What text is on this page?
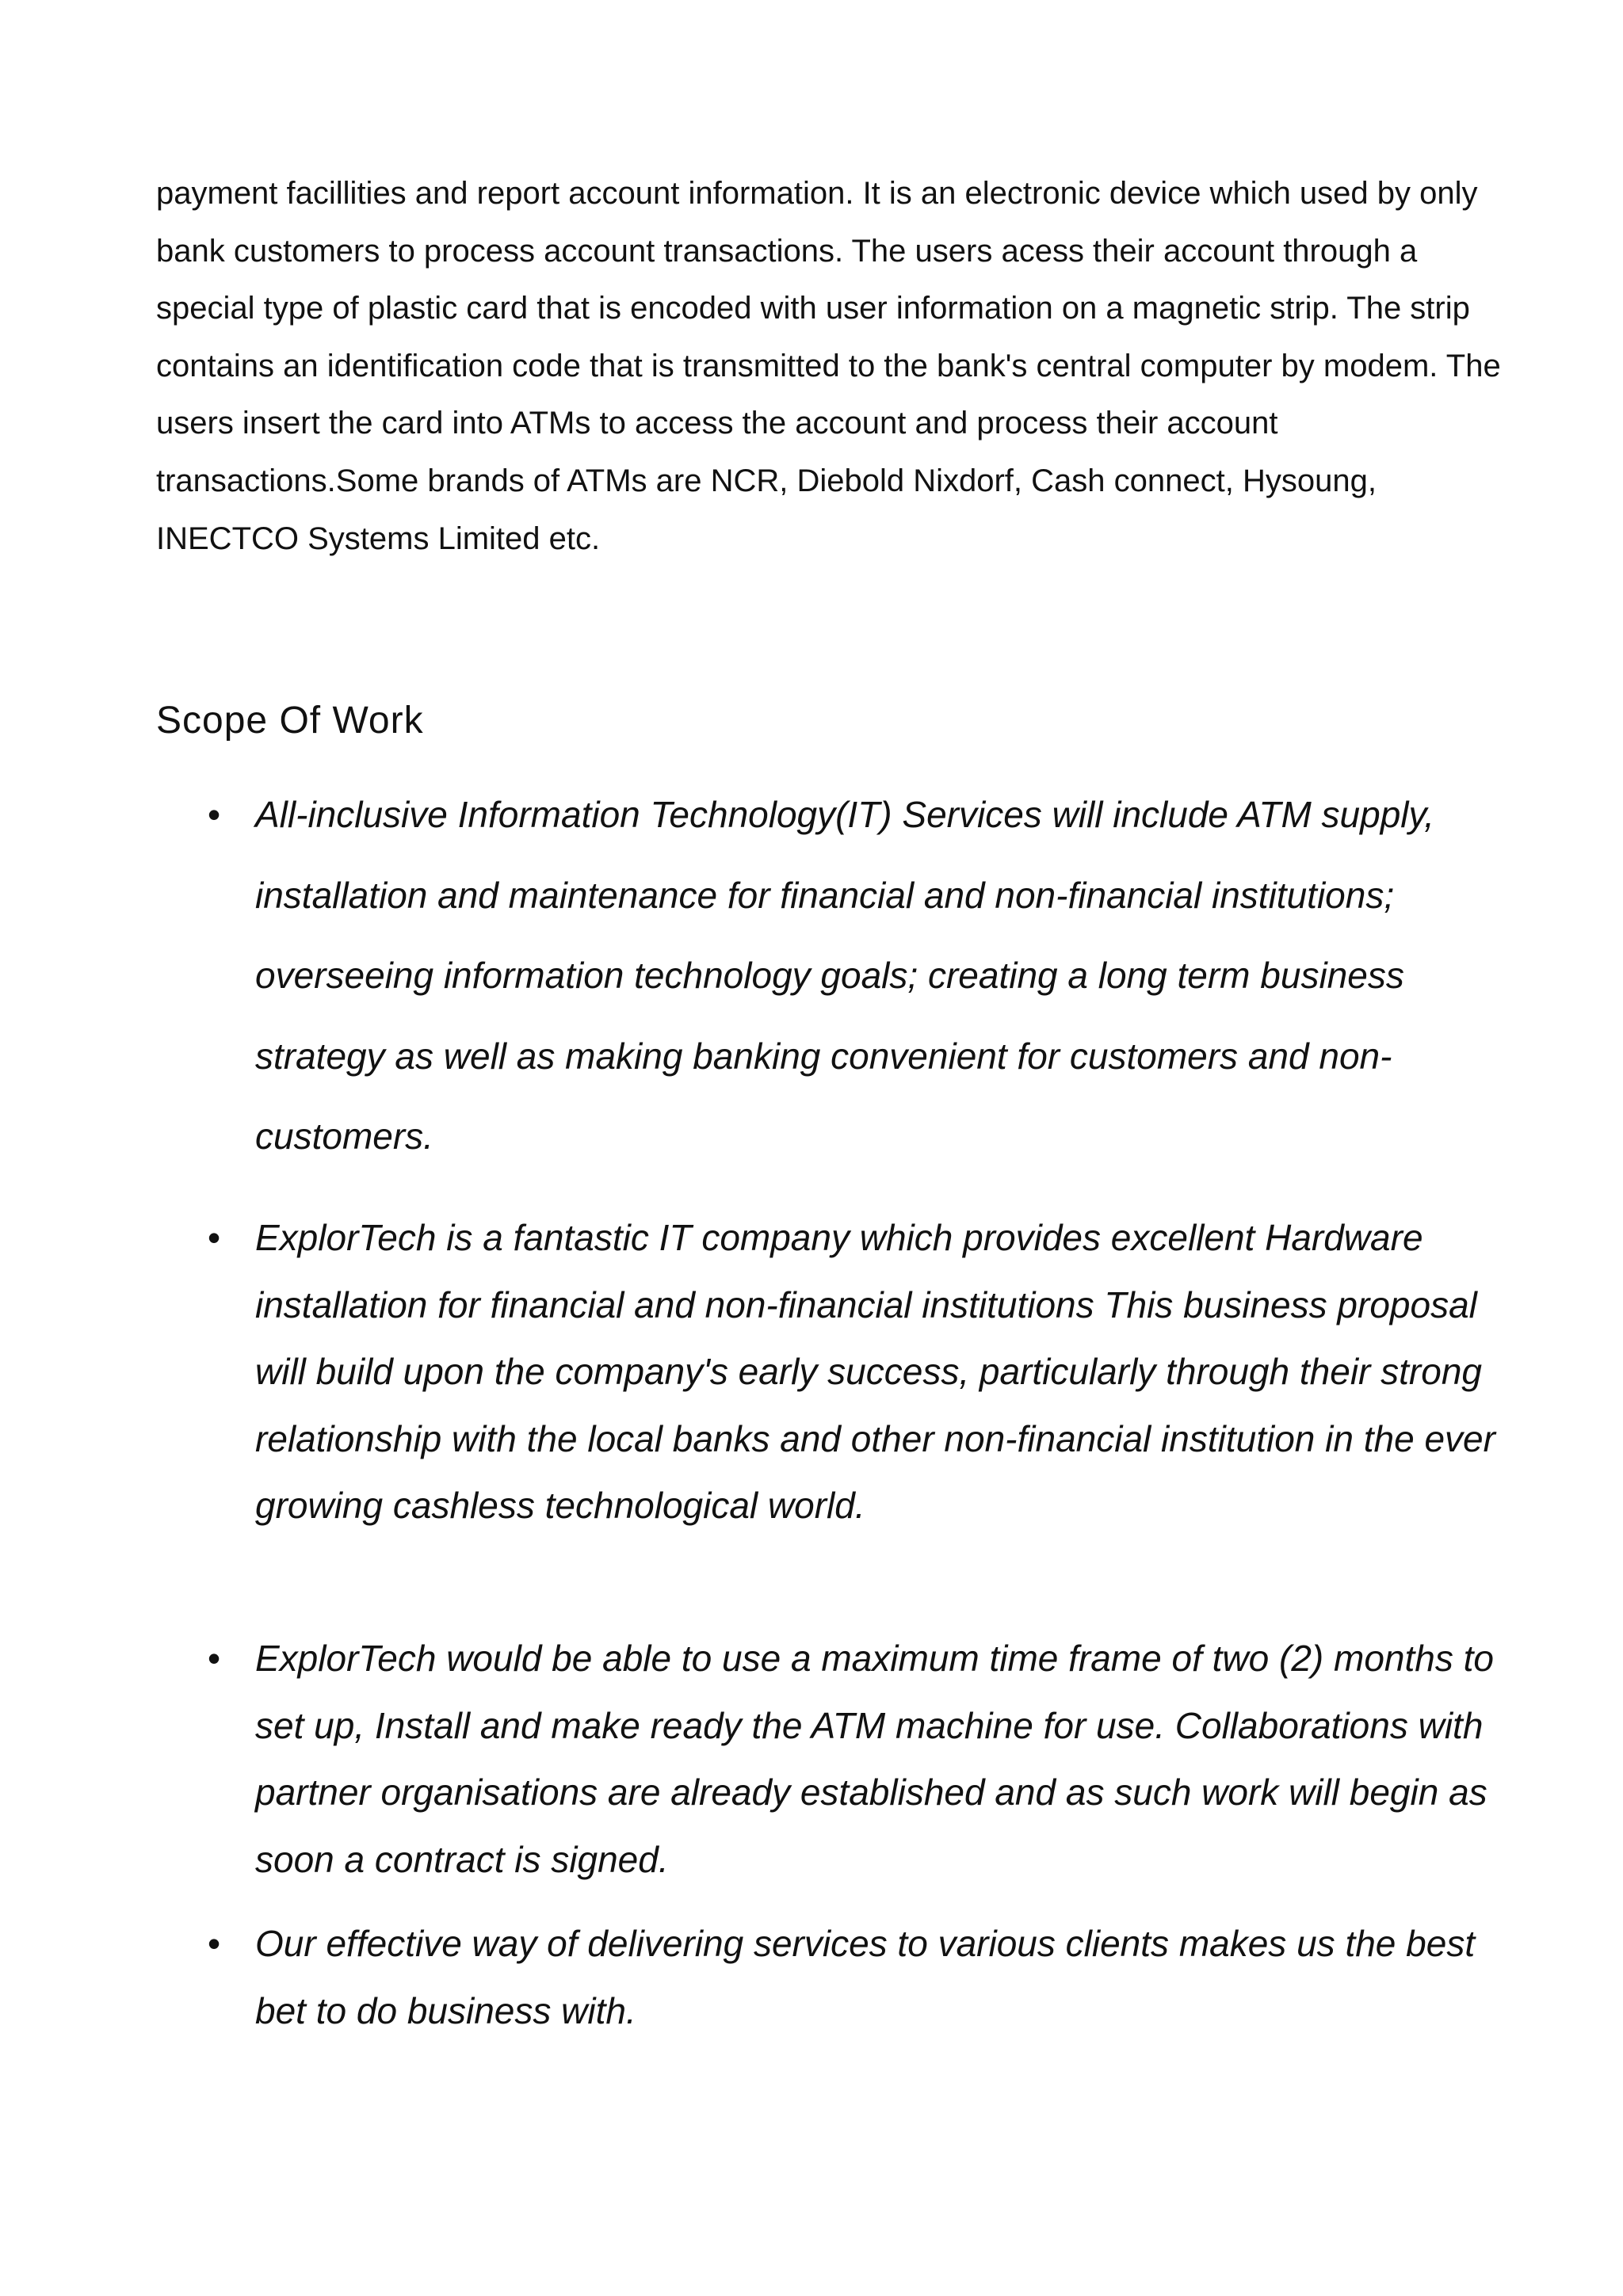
payment facillities and report account information. It is an electronic device which used by only bank customers to process account transactions. The users acess their account through a special type of plastic card that is encoded with user information on a magnetic strip. The strip contains an identification code that is transmitted to the bank's central computer by modem. The users insert the card into ATMs to access the account and process their account transactions.Some brands of ATMs are NCR, Diebold Nixdorf, Cash connect, Hysoung, INECTCO Systems Limited etc.

Scope Of Work

• All-inclusive Information Technology(IT) Services will include ATM supply, installation and maintenance for financial and non-financial institutions; overseeing information technology goals; creating a long term business strategy as well as making banking convenient for customers and non-customers.

• ExplorTech is a fantastic IT company which provides excellent Hardware installation for financial and non-financial institutions This business proposal will build upon the company's early success, particularly through their strong relationship with the local banks and other non-financial institution in the ever growing cashless technological world.

• ExplorTech would be able to use a maximum time frame of two (2) months to set up, Install and make ready the ATM machine for use. Collaborations with partner organisations are already established and as such work will begin as soon a contract is signed.

• Our effective way of delivering services to various clients makes us the best bet to do business with.
